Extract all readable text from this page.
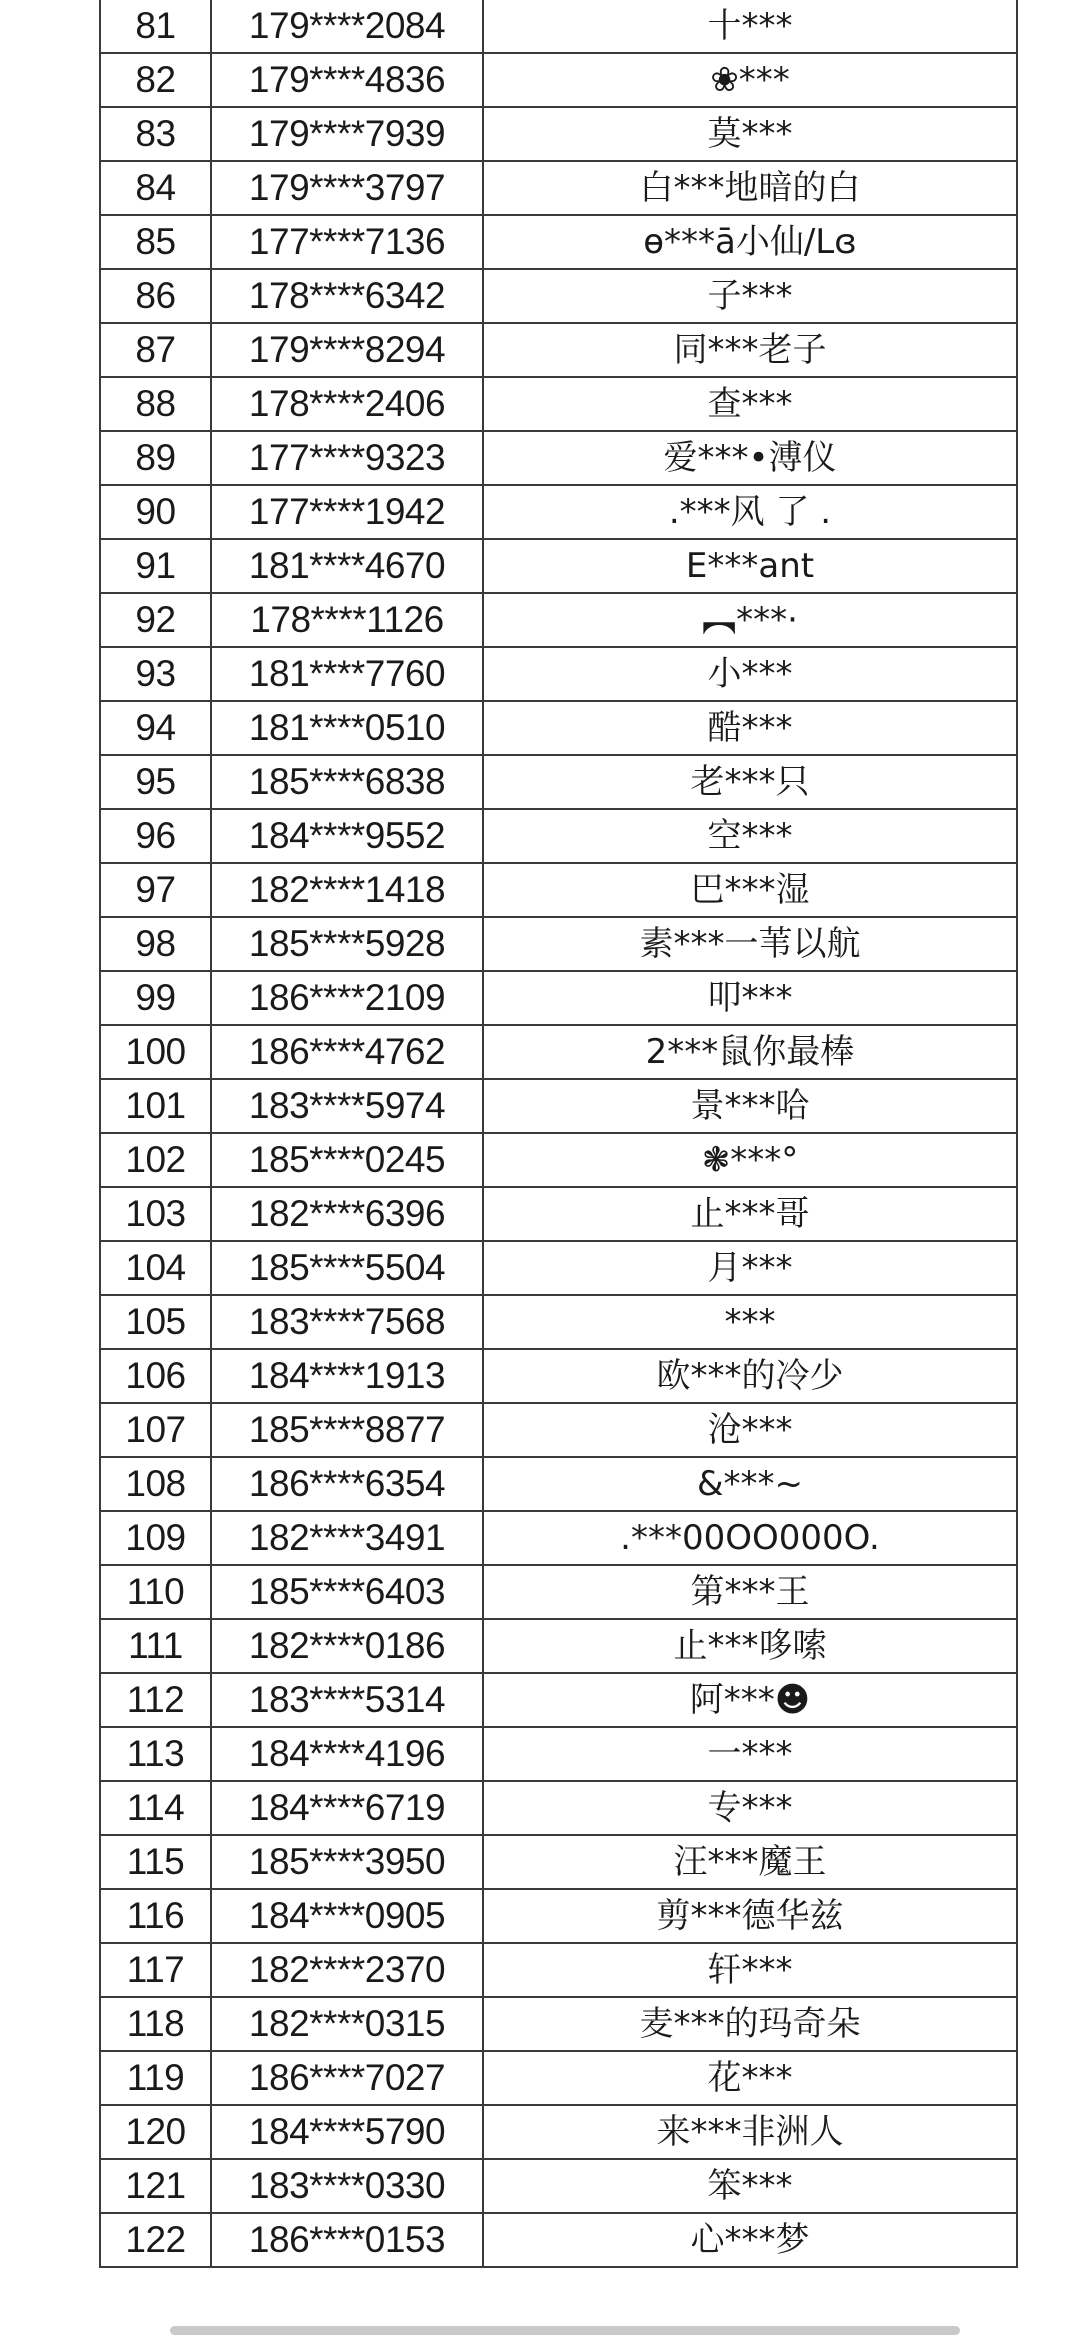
81	179****2084	十***
82	179****4836	❀***
83	179****7939	莫***
84	179****3797	白***地暗的白
85	177****7136	ɵ***ā小仙/Lɞ
86	178****6342	子***
87	179****8294	同***老子
88	178****2406	查***
89	177****9323	爱***•溥仪
90	177****1942	.***风 了 .
91	181****4670	E***ant
92	178****1126	︻***·
93	181****7760	小***
94	181****0510	酷***
95	185****6838	老***只
96	184****9552	空***
97	182****1418	巴***湿
98	185****5928	素***一苇以航
99	186****2109	叩***
100	186****4762	2***鼠你最棒
101	183****5974	景***哈
102	185****0245	❃***°
103	182****6396	止***哥
104	185****5504	月***
105	183****7568	***
106	184****1913	欧***的冷少
107	185****8877	沧***
108	186****6354	&***~
109	182****3491	.***00OO000O.
110	185****6403	第***王
111	182****0186	止***哆嗦
112	183****5314	阿***☻
113	184****4196	一***
114	184****6719	专***
115	185****3950	汪***魔王
116	184****0905	剪***德华兹
117	182****2370	轩***
118	182****0315	麦***的玛奇朵
119	186****7027	花***
120	184****5790	来***非洲人
121	183****0330	笨***
122	186****0153	心***梦
